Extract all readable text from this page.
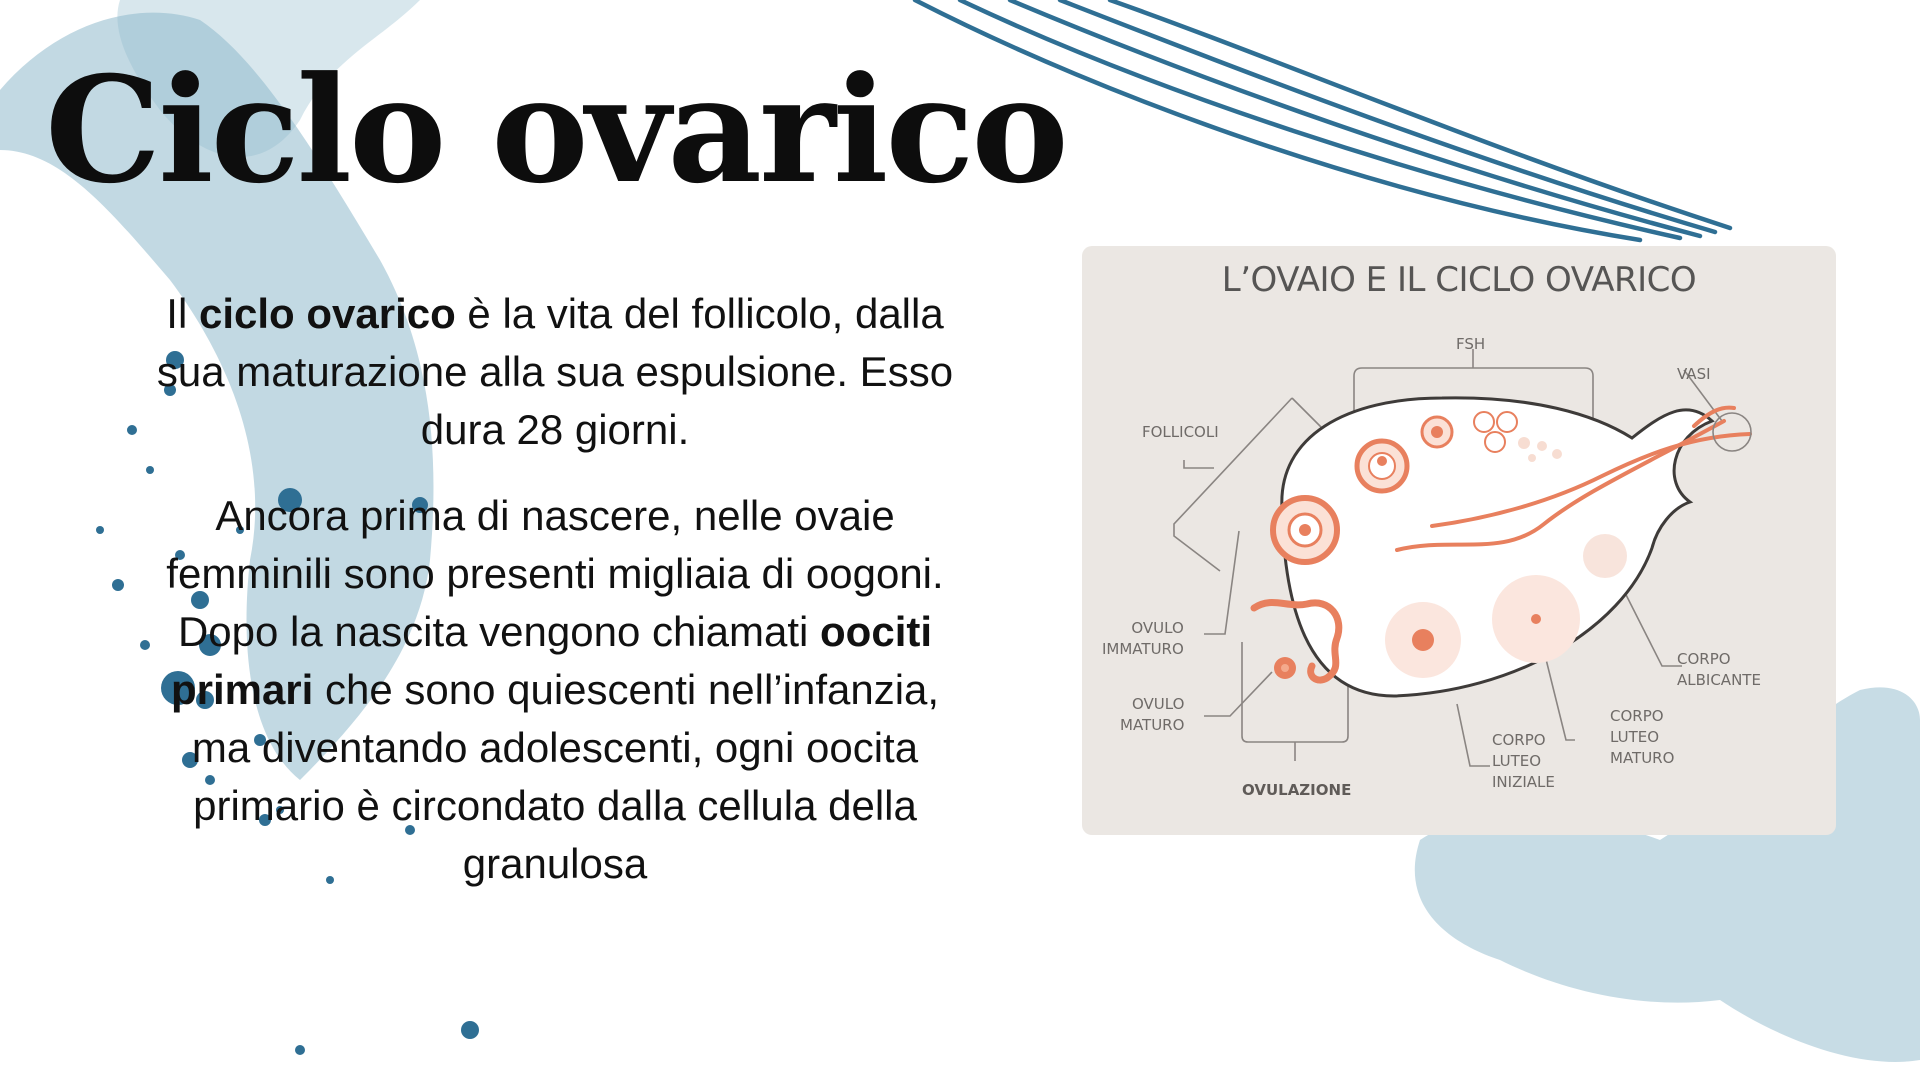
Ciclo ovarico

Il ciclo ovarico è la vita del follicolo, dalla sua maturazione alla sua espulsione. Esso dura 28 giorni.

Ancora prima di nascere, nelle ovaie femminili sono presenti migliaia di oogoni. Dopo la nascita vengono chiamati oociti primari che sono quiescenti nell’infanzia, ma diventando adolescenti, ogni oocita primario è circondato dalla cellula della granulosa

L’OVAIO E IL CICLO OVARICO
FSH
VASI
FOLLICOLI
OVULO
IMMATURO
OVULO
MATURO
OVULAZIONE
CORPO
LUTEO
INIZIALE
CORPO
LUTEO
MATURO
CORPO
ALBICANTE
